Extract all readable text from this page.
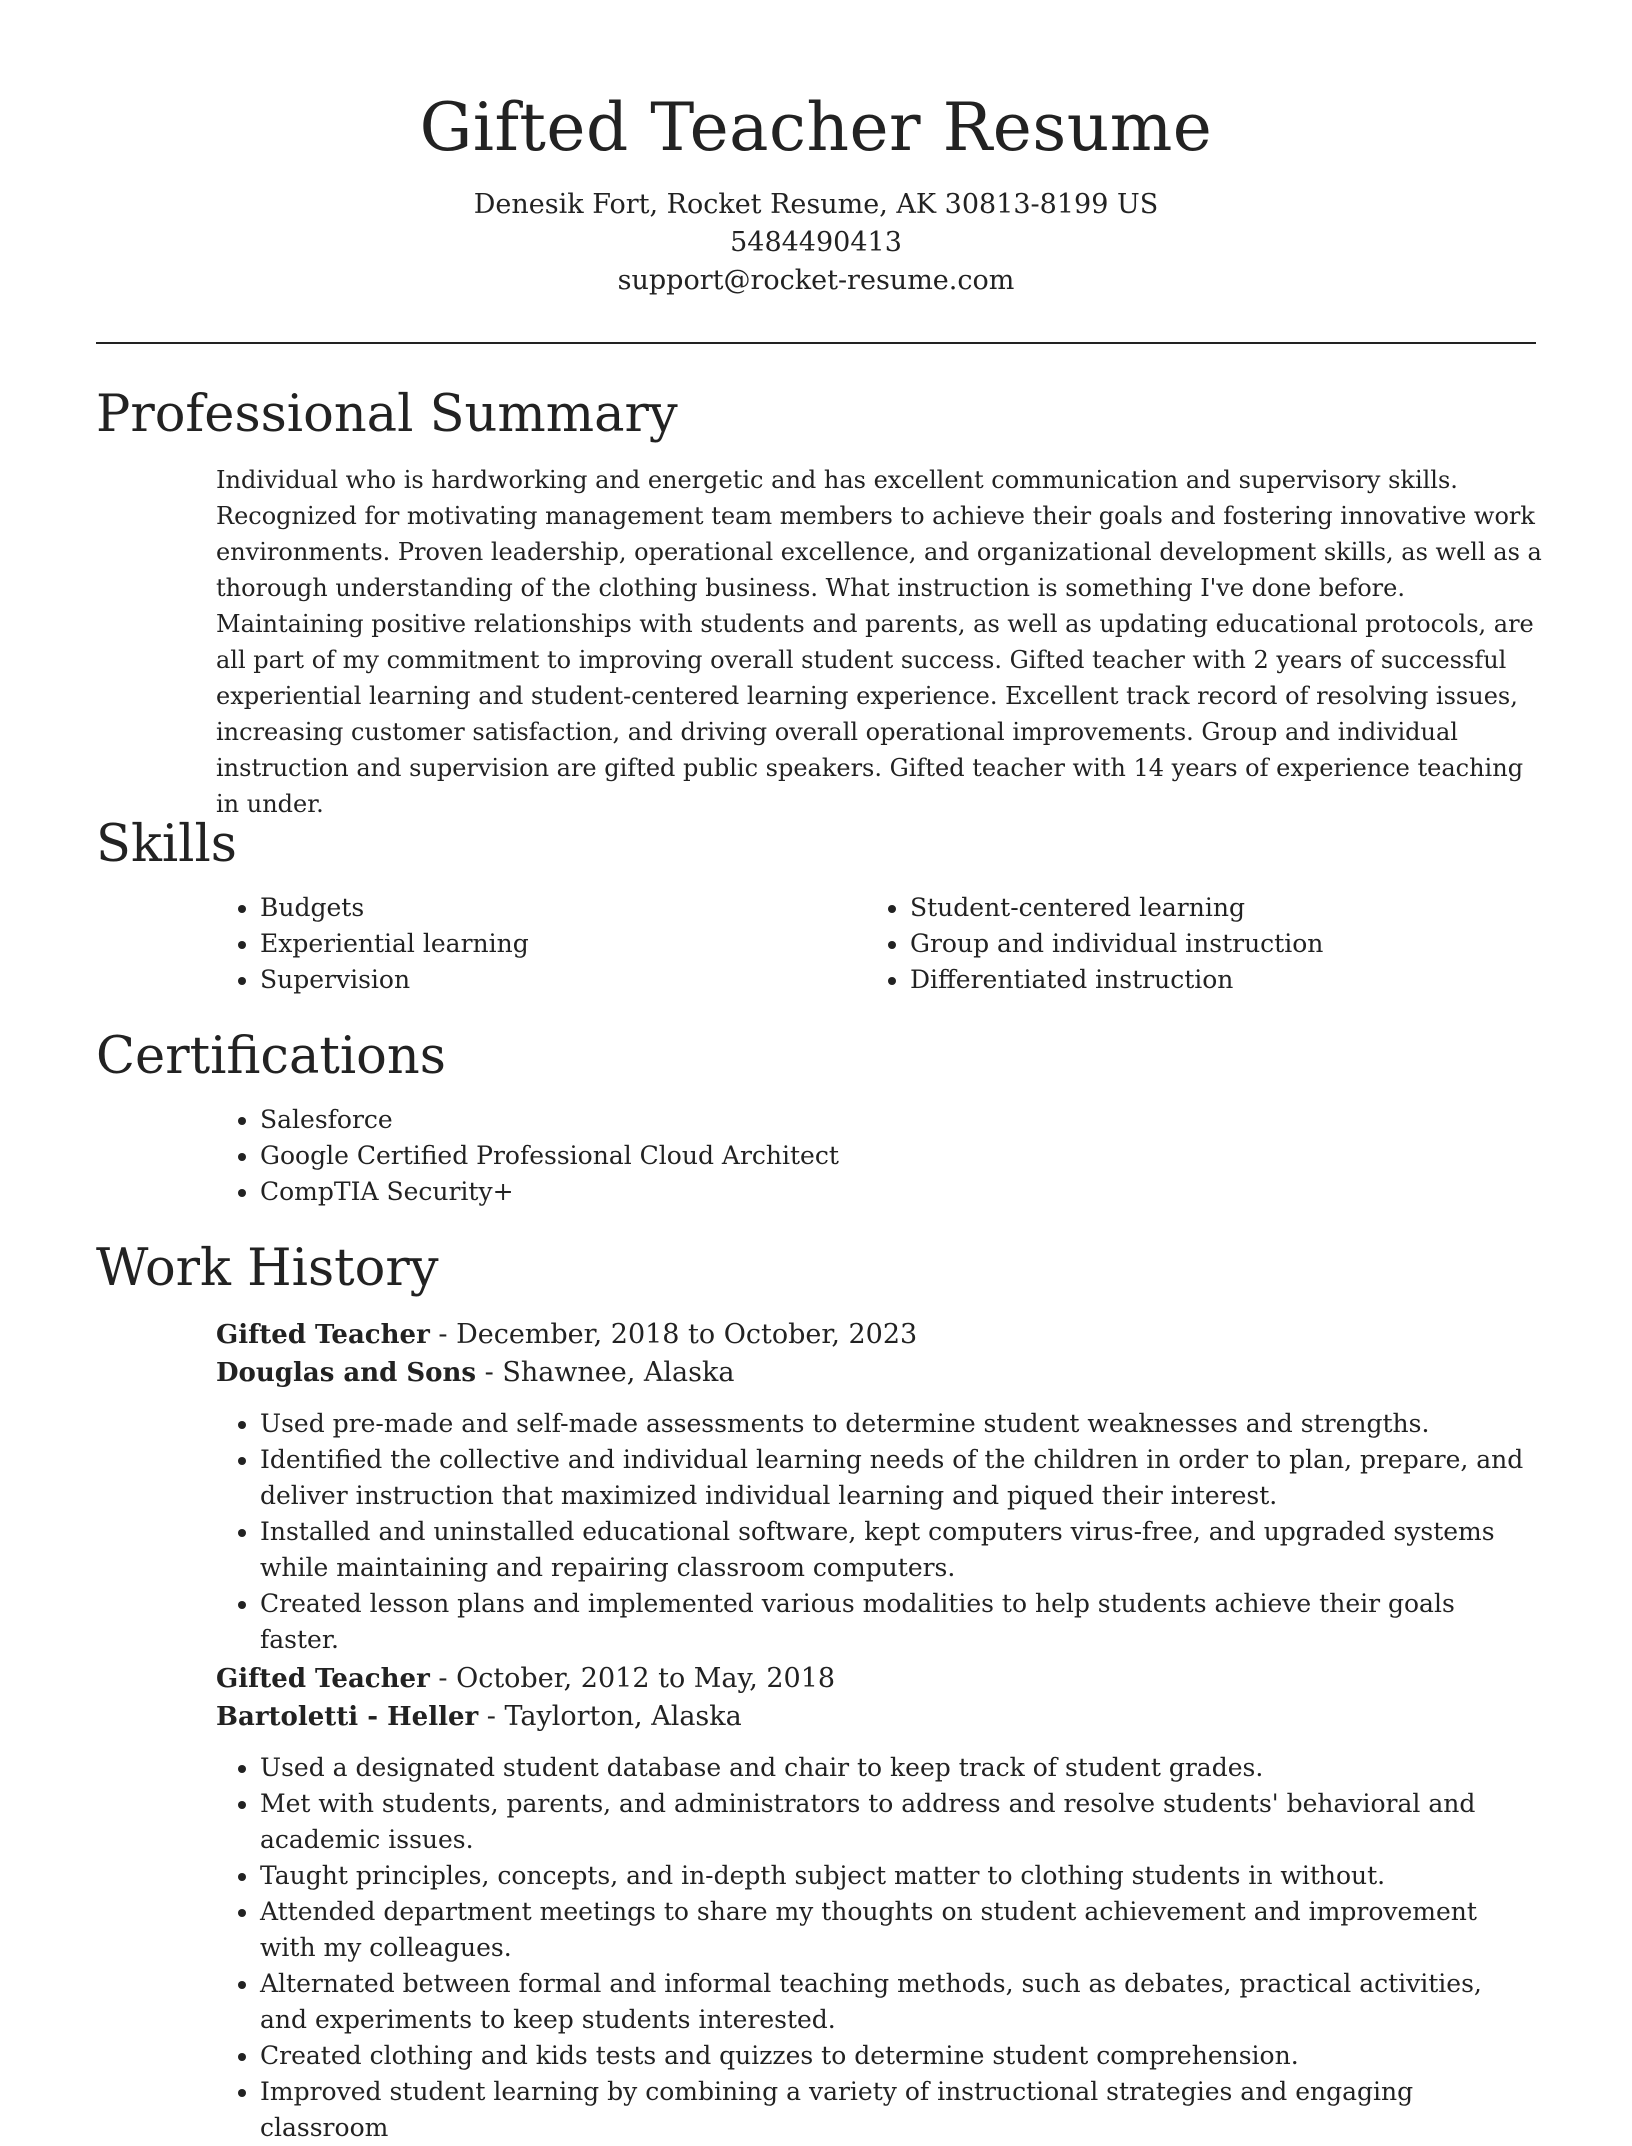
Gifted Teacher Resume
Denesik Fort, Rocket Resume, AK 30813-8199 US
5484490413
support@rocket-resume.com
Professional Summary

Individual who is hardworking and energetic and has excellent communication and supervisory skills. Recognized for motivating management team members to achieve their goals and fostering innovative work environments. Proven leadership, operational excellence, and organizational development skills, as well as a thorough understanding of the clothing business. What instruction is something I've done before. Maintaining positive relationships with students and parents, as well as updating educational protocols, are all part of my commitment to improving overall student success. Gifted teacher with 2 years of successful experiential learning and student-centered learning experience. Excellent track record of resolving issues, increasing customer satisfaction, and driving overall operational improvements. Group and individual instruction and supervision are gifted public speakers. Gifted teacher with 14 years of experience teaching in under.

Skills
• Budgets
• Experiential learning
• Supervision
• Student-centered learning
• Group and individual instruction
• Differentiated instruction
Certifications
• Salesforce
• Google Certified Professional Cloud Architect
• CompTIA Security+
Work History
Gifted Teacher - December, 2018 to October, 2023
Douglas and Sons - Shawnee, Alaska
• Used pre-made and self-made assessments to determine student weaknesses and strengths.
• Identified the collective and individual learning needs of the children in order to plan, prepare, and deliver instruction that maximized individual learning and piqued their interest.
• Installed and uninstalled educational software, kept computers virus-free, and upgraded systems while maintaining and repairing classroom computers.
• Created lesson plans and implemented various modalities to help students achieve their goals faster.
Gifted Teacher - October, 2012 to May, 2018
Bartoletti - Heller - Taylorton, Alaska
• Used a designated student database and chair to keep track of student grades.
• Met with students, parents, and administrators to address and resolve students' behavioral and academic issues.
• Taught principles, concepts, and in-depth subject matter to clothing students in without.
• Attended department meetings to share my thoughts on student achievement and improvement with my colleagues.
• Alternated between formal and informal teaching methods, such as debates, practical activities, and experiments to keep students interested.
• Created clothing and kids tests and quizzes to determine student comprehension.
• Improved student learning by combining a variety of instructional strategies and engaging classroom
